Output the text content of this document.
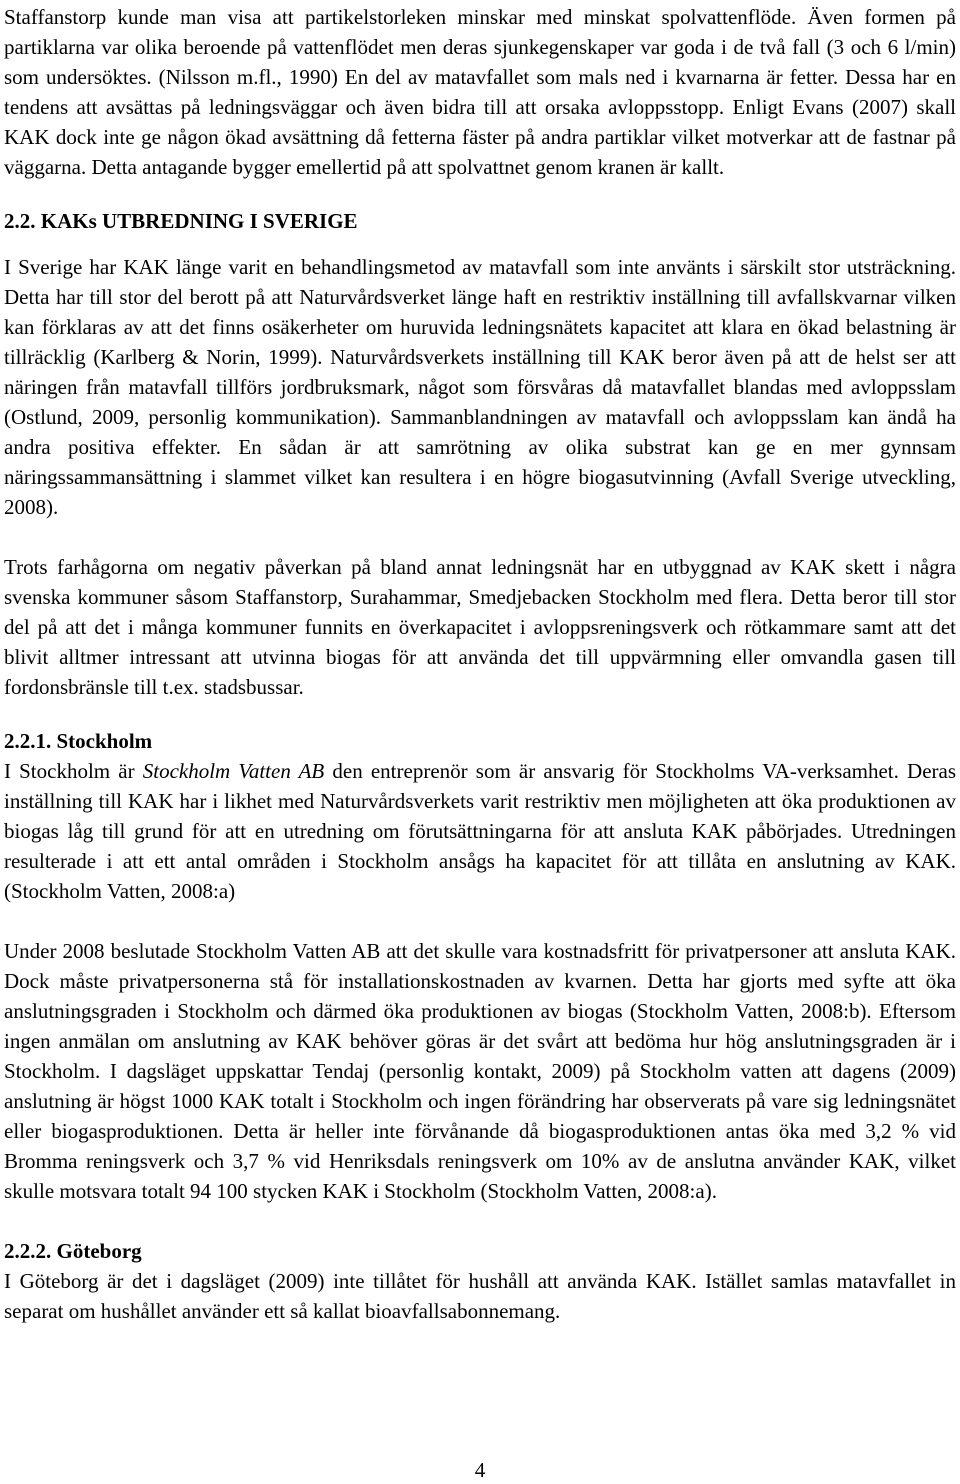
Staffanstorp kunde man visa att partikelstorleken minskar med minskat spolvattenflöde. Även formen på partiklarna var olika beroende på vattenflödet men deras sjunkegenskaper var goda i de två fall (3 och 6 l/min) som undersöktes. (Nilsson m.fl., 1990) En del av matavfallet som mals ned i kvarnarna är fetter. Dessa har en tendens att avsättas på ledningsväggar och även bidra till att orsaka avloppsstopp. Enligt Evans (2007) skall KAK dock inte ge någon ökad avsättning då fetterna fäster på andra partiklar vilket motverkar att de fastnar på väggarna. Detta antagande bygger emellertid på att spolvattnet genom kranen är kallt.

2.2. KAKs UTBREDNING I SVERIGE

I Sverige har KAK länge varit en behandlingsmetod av matavfall som inte använts i särskilt stor utsträckning. Detta har till stor del berott på att Naturvårdsverket länge haft en restriktiv inställning till avfallskvarnar vilken kan förklaras av att det finns osäkerheter om huruvida ledningsnätets kapacitet att klara en ökad belastning är tillräcklig (Karlberg & Norin, 1999). Naturvårdsverkets inställning till KAK beror även på att de helst ser att näringen från matavfall tillförs jordbruksmark, något som försvåras då matavfallet blandas med avloppsslam (Ostlund, 2009, personlig kommunikation). Sammanblandningen av matavfall och avloppsslam kan ändå ha andra positiva effekter. En sådan är att samrötning av olika substrat kan ge en mer gynnsam näringssammansättning i slammet vilket kan resultera i en högre biogasutvinning (Avfall Sverige utveckling, 2008).

Trots farhågorna om negativ påverkan på bland annat ledningsnät har en utbyggnad av KAK skett i några svenska kommuner såsom Staffanstorp, Surahammar, Smedjebacken Stockholm med flera. Detta beror till stor del på att det i många kommuner funnits en överkapacitet i avloppsreningsverk och rötkammare samt att det blivit alltmer intressant att utvinna biogas för att använda det till uppvärmning eller omvandla gasen till fordonsbränsle till t.ex. stadsbussar.

2.2.1. Stockholm

I Stockholm är Stockholm Vatten AB den entreprenör som är ansvarig för Stockholms VA-verksamhet. Deras inställning till KAK har i likhet med Naturvårdsverkets varit restriktiv men möjligheten att öka produktionen av biogas låg till grund för att en utredning om förutsättningarna för att ansluta KAK påbörjades. Utredningen resulterade i att ett antal områden i Stockholm ansågs ha kapacitet för att tillåta en anslutning av KAK. (Stockholm Vatten, 2008:a)

Under 2008 beslutade Stockholm Vatten AB att det skulle vara kostnadsfritt för privatpersoner att ansluta KAK. Dock måste privatpersonerna stå för installationskostnaden av kvarnen. Detta har gjorts med syfte att öka anslutningsgraden i Stockholm och därmed öka produktionen av biogas (Stockholm Vatten, 2008:b). Eftersom ingen anmälan om anslutning av KAK behöver göras är det svårt att bedöma hur hög anslutningsgraden är i Stockholm. I dagsläget uppskattar Tendaj (personlig kontakt, 2009) på Stockholm vatten att dagens (2009) anslutning är högst 1000 KAK totalt i Stockholm och ingen förändring har observerats på vare sig ledningsnätet eller biogasproduktionen. Detta är heller inte förvånande då biogasproduktionen antas öka med 3,2 % vid Bromma reningsverk och 3,7 % vid Henriksdals reningsverk om 10% av de anslutna använder KAK, vilket skulle motsvara totalt 94 100 stycken KAK i Stockholm (Stockholm Vatten, 2008:a).

2.2.2. Göteborg

I Göteborg är det i dagsläget (2009) inte tillåtet för hushåll att använda KAK. Istället samlas matavfallet in separat om hushållet använder ett så kallat bioavfallsabonnemang.

4
